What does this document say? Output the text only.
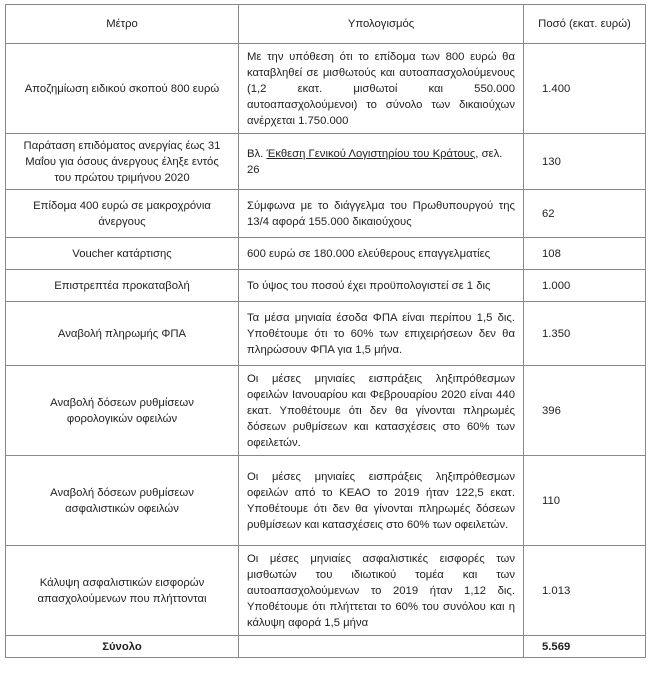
Μέτρο	Υπολογισμός	Ποσό (εκατ. ευρώ)
Αποζημίωση ειδικού σκοπού 800 ευρώ	Με την υπόθεση ότι το επίδομα των 800 ευρώ θα καταβληθεί σε μισθωτούς και αυτοαπασχολούμενους (1,2 εκατ. μισθωτοί και 550.000 αυτοαπασχολούμενοι) το σύνολο των δικαιούχων ανέρχεται 1.750.000	1.400
Παράταση επιδόματος ανεργίας έως 31 Μαΐου για όσους άνεργους έληξε εντός του πρώτου τριμήνου 2020	Βλ. Έκθεση Γενικού Λογιστηρίου του Κράτους, σελ. 26	130
Επίδομα 400 ευρώ σε μακροχρόνια άνεργους	Σύμφωνα με το διάγγελμα του Πρωθυπουργού της 13/4 αφορά 155.000 δικαιούχους	62
Voucher κατάρτισης	600 ευρώ σε 180.000 ελεύθερους επαγγελματίες	108
Επιστρεπτέα προκαταβολή	Το ύψος του ποσού έχει προϋπολογιστεί σε 1 δις	1.000
Αναβολή πληρωμής ΦΠΑ	Τα μέσα μηνιαία έσοδα ΦΠΑ είναι περίπου 1,5 δις. Υποθέτουμε ότι το 60% των επιχειρήσεων δεν θα πληρώσουν ΦΠΑ για 1,5 μήνα.	1.350
Αναβολή δόσεων ρυθμίσεων φορολογικών οφειλών	Οι μέσες μηνιαίες εισπράξεις ληξιπρόθεσμων οφειλών Ιανουαρίου και Φεβρουαρίου 2020 είναι 440 εκατ. Υποθέτουμε ότι δεν θα γίνονται πληρωμές δόσεων ρυθμίσεων και κατασχέσεις στο 60% των οφειλετών.	396
Αναβολή δόσεων ρυθμίσεων ασφαλιστικών οφειλών	Οι μέσες μηνιαίες εισπράξεις ληξιπρόθεσμων οφειλών από το ΚΕΑΟ το 2019 ήταν 122,5 εκατ. Υποθέτουμε ότι δεν θα γίνονται πληρωμές δόσεων ρυθμίσεων και κατασχέσεις στο 60% των οφειλετών.	110
Κάλυψη ασφαλιστικών εισφορών απασχολούμενων που πλήττονται	Οι μέσες μηνιαίες ασφαλιστικές εισφορές των μισθωτών του ιδιωτικού τομέα και των αυτοαπασχολούμενων το 2019 ήταν 1,12 δις. Υποθέτουμε ότι πλήττεται το 60% του συνόλου και η κάλυψη αφορά 1,5 μήνα	1.013
Σύνολο		5.569
